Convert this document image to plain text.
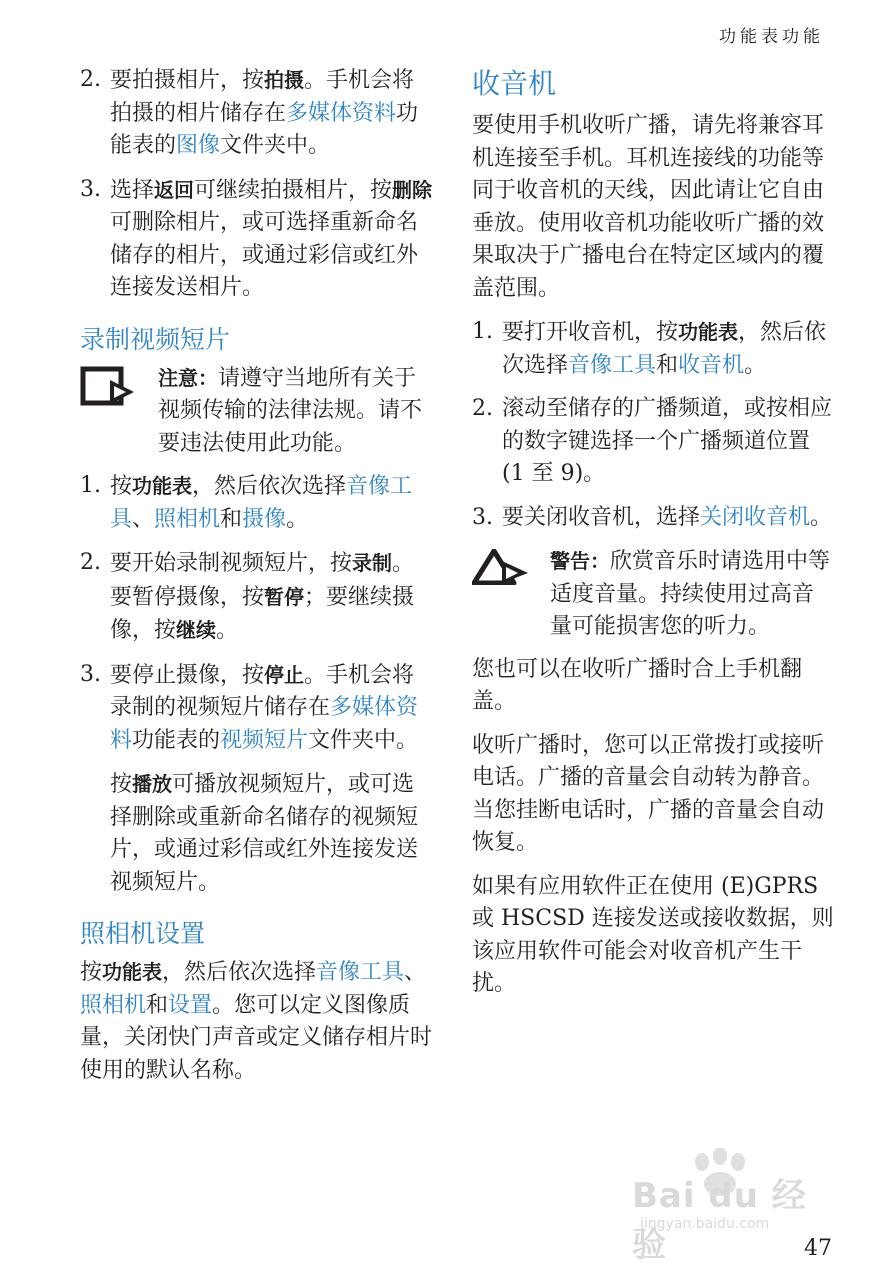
功能表功能
2. 要拍摄相片，按拍摄。手机会将拍摄的相片储存在多媒体资料功能表的图像文件夹中。
3. 选择返回可继续拍摄相片，按删除可删除相片，或可选择重新命名储存的相片，或通过彩信或红外连接发送相片。
录制视频短片
注意：请遵守当地所有关于视频传输的法律法规。请不要违法使用此功能。
1. 按功能表，然后依次选择音像工具、照相机和摄像。
2. 要开始录制视频短片，按录制。要暂停摄像，按暂停；要继续摄像，按继续。
3. 要停止摄像，按停止。手机会将录制的视频短片储存在多媒体资料功能表的视频短片文件夹中。
按播放可播放视频短片，或可选择删除或重新命名储存的视频短片，或通过彩信或红外连接发送视频短片。
照相机设置

按功能表，然后依次选择音像工具、照相机和设置。您可以定义图像质量，关闭快门声音或定义储存相片时使用的默认名称。

收音机

要使用手机收听广播，请先将兼容耳机连接至手机。耳机连接线的功能等同于收音机的天线，因此请让它自由垂放。使用收音机功能收听广播的效果取决于广播电台在特定区域内的覆盖范围。

1. 要打开收音机，按功能表，然后依次选择音像工具和收音机。
2. 滚动至储存的广播频道，或按相应的数字键选择一个广播频道位置 (1 至 9)。
3. 要关闭收音机，选择关闭收音机。
警告：欣赏音乐时请选用中等适度音量。持续使用过高音量可能损害您的听力。

您也可以在收听广播时合上手机翻盖。

收听广播时，您可以正常拨打或接听电话。广播的音量会自动转为静音。当您挂断电话时，广播的音量会自动恢复。

如果有应用软件正在使用 (E)GPRS 或 HSCSD 连接发送或接收数据，则该应用软件可能会对收音机产生干扰。

Bai du 经验
jingyan.baidu.com
47
